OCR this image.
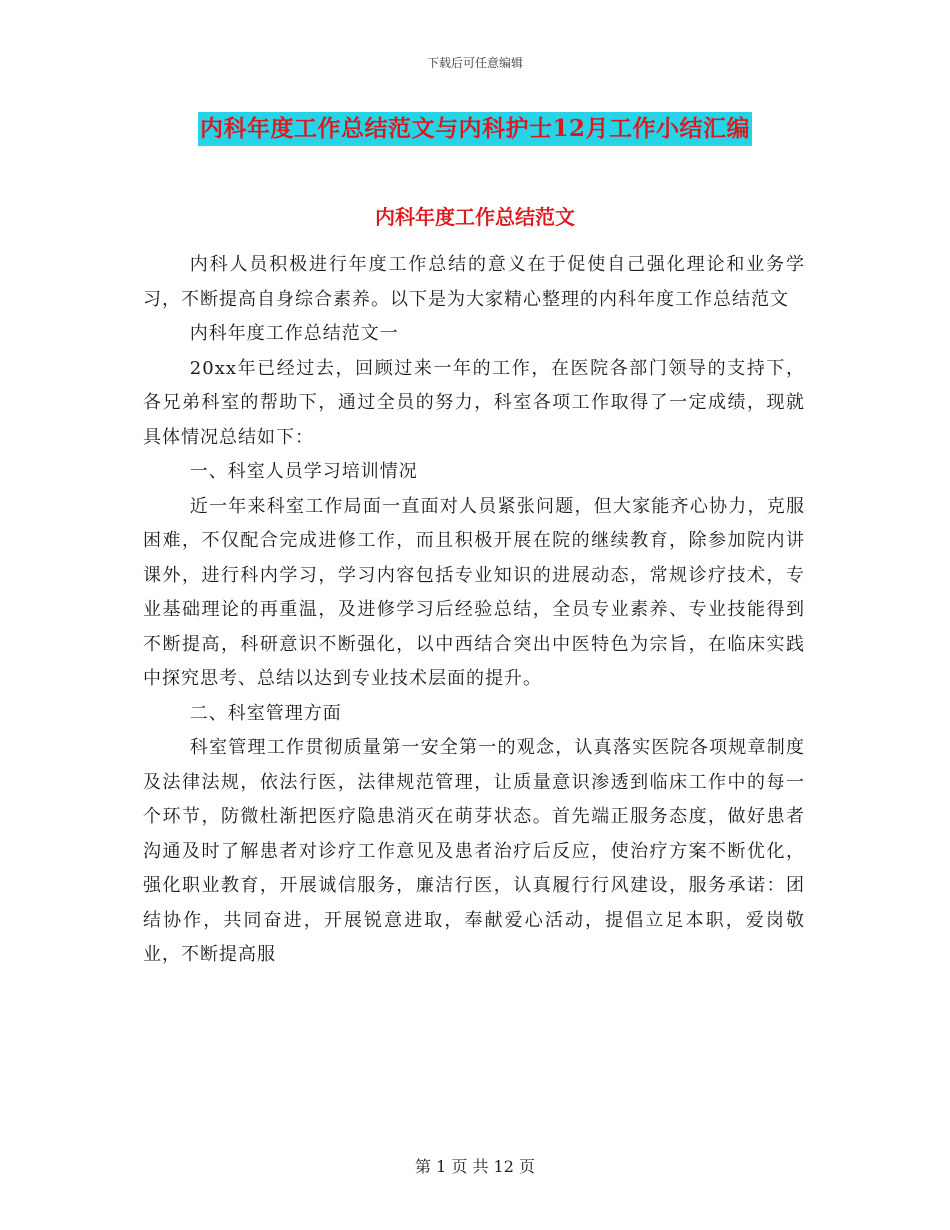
下载后可任意编辑
内科年度工作总结范文与内科护士12月工作小结汇编
内科年度工作总结范文

内科人员积极进行年度工作总结的意义在于促使自己强化理论和业务学习，不断提高自身综合素养。以下是为大家精心整理的内科年度工作总结范文

内科年度工作总结范文一

20xx年已经过去，回顾过来一年的工作，在医院各部门领导的支持下，各兄弟科室的帮助下，通过全员的努力，科室各项工作取得了一定成绩，现就具体情况总结如下：

一、科室人员学习培训情况

近一年来科室工作局面一直面对人员紧张问题，但大家能齐心协力，克服困难，不仅配合完成进修工作，而且积极开展在院的继续教育，除参加院内讲课外，进行科内学习，学习内容包括专业知识的进展动态，常规诊疗技术，专业基础理论的再重温，及进修学习后经验总结，全员专业素养、专业技能得到不断提高，科研意识不断强化，以中西结合突出中医特色为宗旨，在临床实践中探究思考、总结以达到专业技术层面的提升。

二、科室管理方面

科室管理工作贯彻质量第一安全第一的观念，认真落实医院各项规章制度及法律法规，依法行医，法律规范管理，让质量意识渗透到临床工作中的每一个环节，防微杜渐把医疗隐患消灭在萌芽状态。首先端正服务态度，做好患者沟通及时了解患者对诊疗工作意见及患者治疗后反应，使治疗方案不断优化，强化职业教育，开展诚信服务，廉洁行医，认真履行行风建设，服务承诺：团结协作，共同奋进，开展锐意进取，奉献爱心活动，提倡立足本职，爱岗敬业，不断提高服

第 1 页 共 12 页
